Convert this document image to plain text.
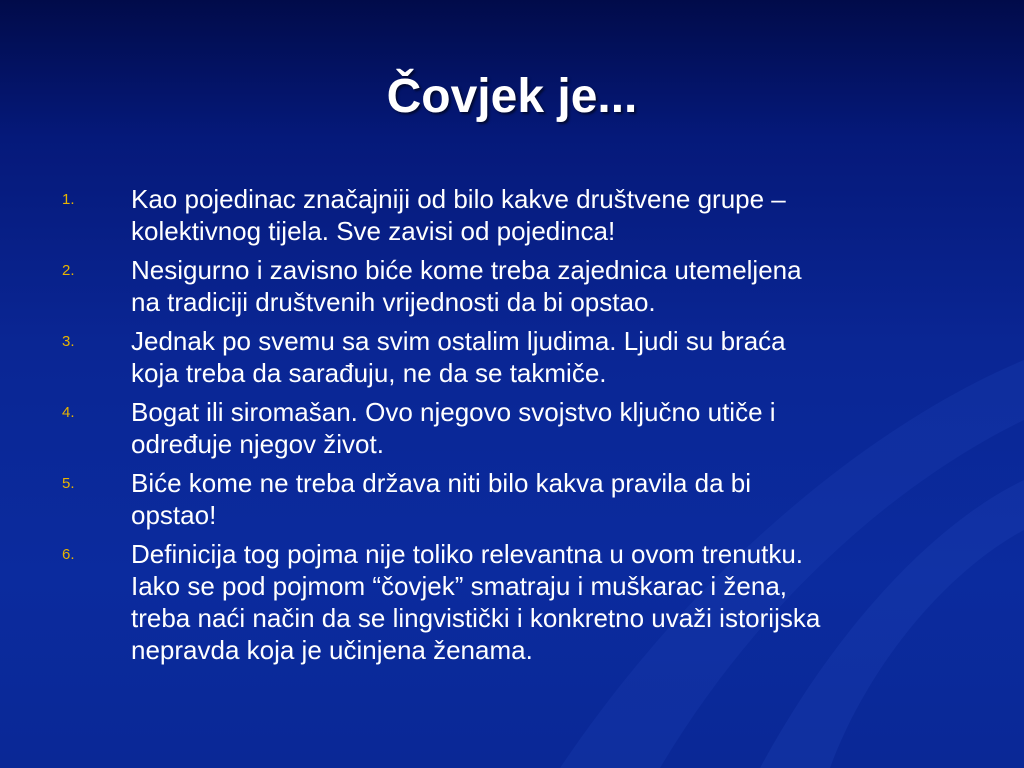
Čovjek je...
1.	Kao pojedinac značajniji od bilo kakve društvene grupe –
kolektivnog tijela. Sve zavisi od pojedinca!
2.	Nesigurno i zavisno biće kome treba zajednica utemeljena
na tradiciji društvenih vrijednosti da bi opstao.
3.	Jednak po svemu sa svim ostalim ljudima. Ljudi su braća
koja treba da sarađuju, ne da se takmiče.
4.	Bogat ili siromašan. Ovo njegovo svojstvo ključno utiče i
određuje njegov život.
5.	Biće kome ne treba država niti bilo kakva pravila da bi
opstao!
6.	Definicija tog pojma nije toliko relevantna u ovom trenutku.
Iako se pod pojmom “čovjek” smatraju i muškarac i žena,
treba naći način da se lingvistički i konkretno uvaži istorijska
nepravda koja je učinjena ženama.
